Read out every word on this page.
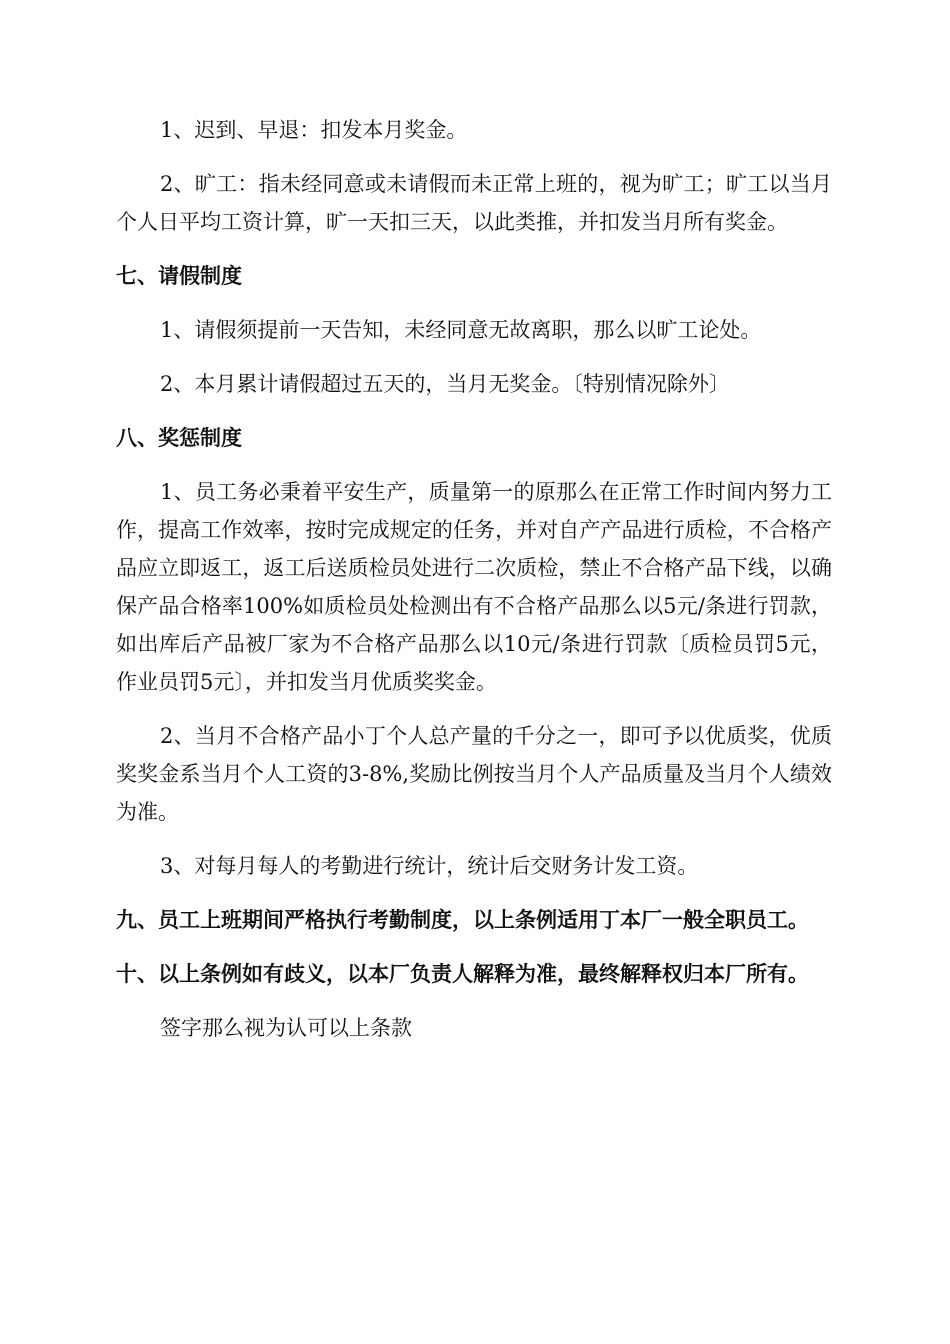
1、迟到、早退：扣发本月奖金。

2、旷工：指未经同意或未请假而未正常上班的，视为旷工；旷工以当月个人日平均工资计算，旷一天扣三天，以此类推，并扣发当月所有奖金。

七、请假制度

1、请假须提前一天告知，未经同意无故离职，那么以旷工论处。

2、本月累计请假超过五天的，当月无奖金。〔特别情况除外〕

八、奖惩制度

1、员工务必秉着平安生产，质量第一的原那么在正常工作时间内努力工作，提高工作效率，按时完成规定的任务，并对自产产品进行质检，不合格产品应立即返工，返工后送质检员处进行二次质检，禁止不合格产品下线，以确保产品合格率100%如质检员处检测出有不合格产品那么以5元/条进行罚款，如出库后产品被厂家为不合格产品那么以10元/条进行罚款〔质检员罚5元，作业员罚5元〕，并扣发当月优质奖奖金。

2、当月不合格产品小丁个人总产量的千分之一，即可予以优质奖，优质奖奖金系当月个人工资的3-8%,奖励比例按当月个人产品质量及当月个人绩效为准。

3、对每月每人的考勤进行统计，统计后交财务计发工资。

九、员工上班期间严格执行考勤制度，以上条例适用丁本厂一般全职员工。

十、以上条例如有歧义，以本厂负责人解释为准，最终解释权归本厂所有。

签字那么视为认可以上条款
